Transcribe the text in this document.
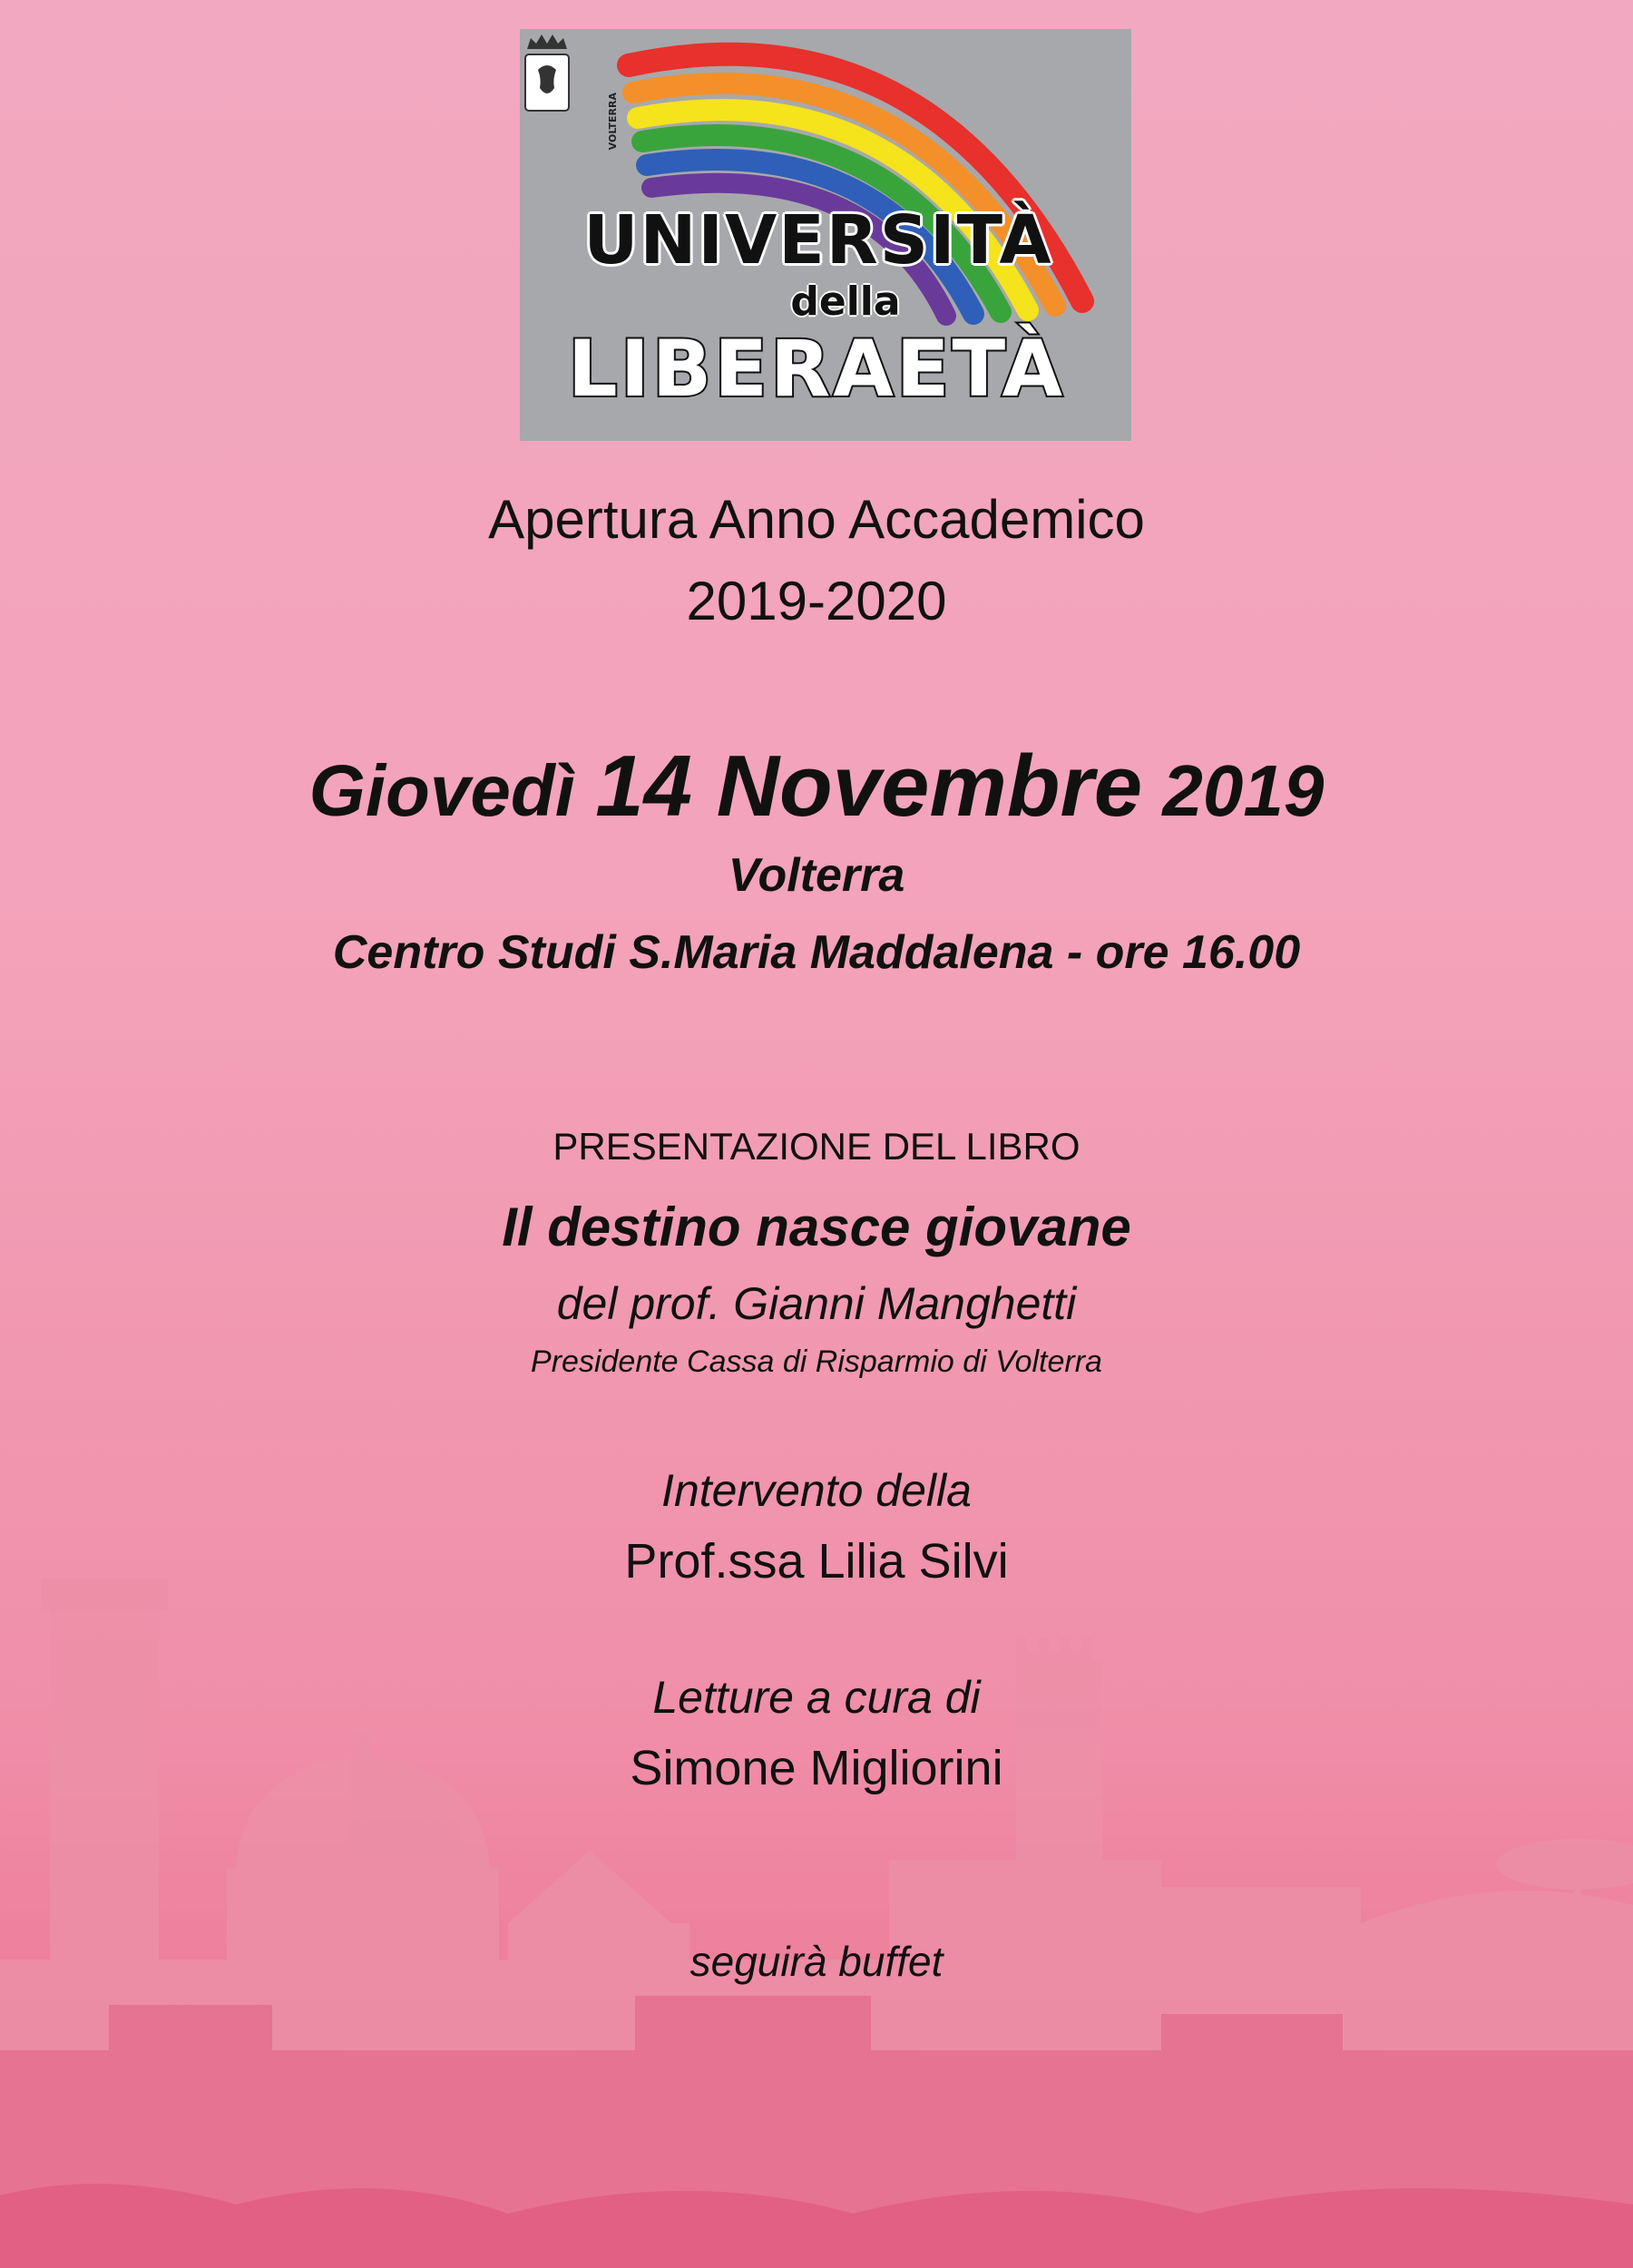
VOLTERRA
UNIVERSITÀ
della
LIBERAETÀ
Apertura Anno Accademico
2019-2020
Giovedì 14 Novembre 2019
Volterra
Centro Studi S.Maria Maddalena - ore 16.00
PRESENTAZIONE DEL LIBRO
Il destino nasce giovane
del prof. Gianni Manghetti
Presidente Cassa di Risparmio di Volterra
Intervento della
Prof.ssa Lilia Silvi
Letture a cura di
Simone Migliorini
seguirà buffet
